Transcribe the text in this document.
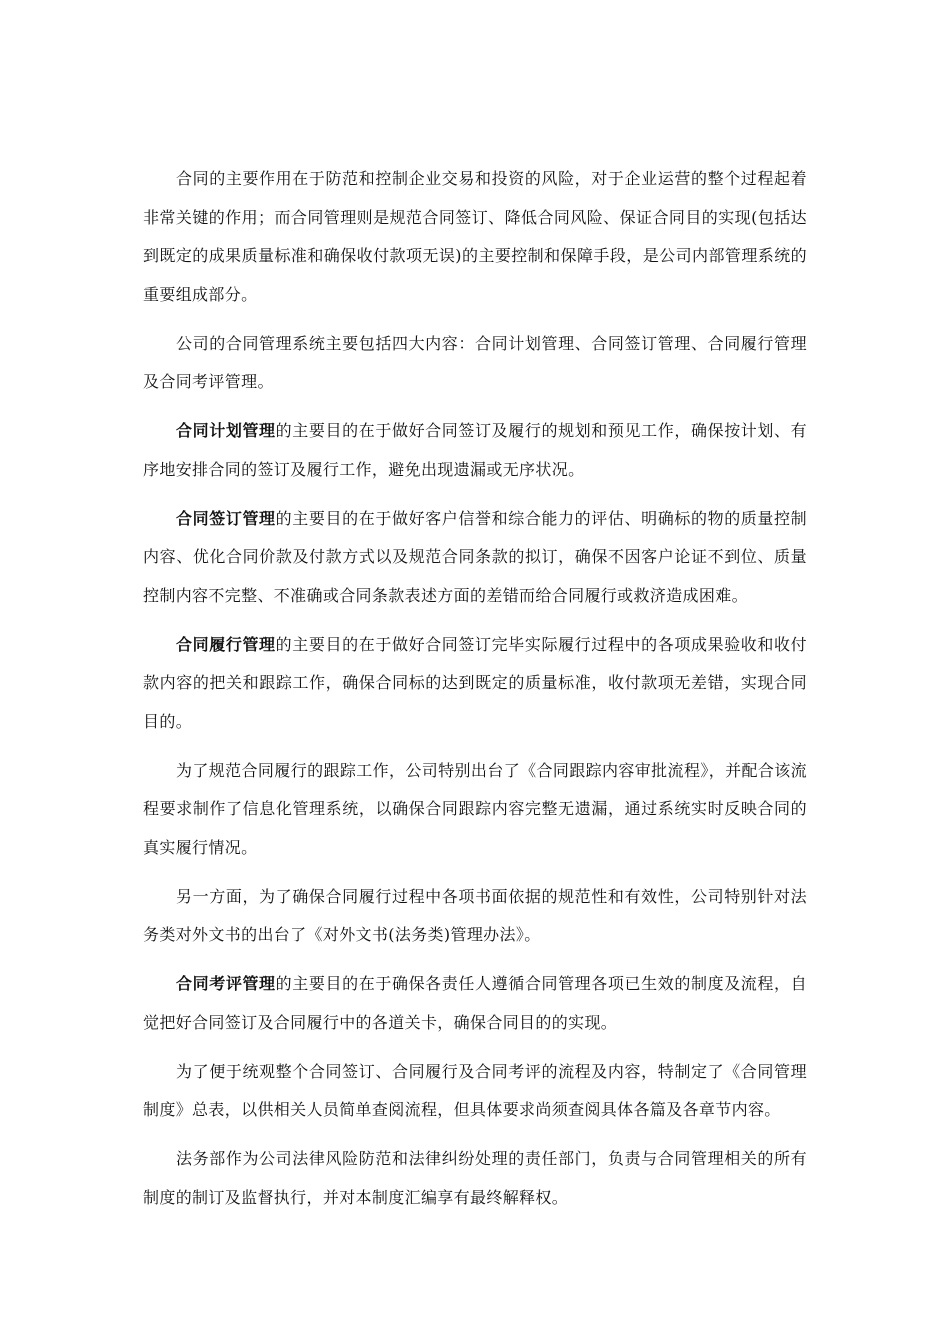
合同的主要作用在于防范和控制企业交易和投资的风险，对于企业运营的整个过程起着非常关键的作用；而合同管理则是规范合同签订、降低合同风险、保证合同目的实现(包括达到既定的成果质量标准和确保收付款项无误)的主要控制和保障手段，是公司内部管理系统的重要组成部分。

公司的合同管理系统主要包括四大内容：合同计划管理、合同签订管理、合同履行管理及合同考评管理。

合同计划管理的主要目的在于做好合同签订及履行的规划和预见工作，确保按计划、有序地安排合同的签订及履行工作，避免出现遗漏或无序状况。

合同签订管理的主要目的在于做好客户信誉和综合能力的评估、明确标的物的质量控制内容、优化合同价款及付款方式以及规范合同条款的拟订，确保不因客户论证不到位、质量控制内容不完整、不准确或合同条款表述方面的差错而给合同履行或救济造成困难。

合同履行管理的主要目的在于做好合同签订完毕实际履行过程中的各项成果验收和收付款内容的把关和跟踪工作，确保合同标的达到既定的质量标准，收付款项无差错，实现合同目的。

为了规范合同履行的跟踪工作，公司特别出台了《合同跟踪内容审批流程》，并配合该流程要求制作了信息化管理系统，以确保合同跟踪内容完整无遗漏，通过系统实时反映合同的真实履行情况。

另一方面，为了确保合同履行过程中各项书面依据的规范性和有效性，公司特别针对法务类对外文书的出台了《对外文书(法务类)管理办法》。

合同考评管理的主要目的在于确保各责任人遵循合同管理各项已生效的制度及流程，自觉把好合同签订及合同履行中的各道关卡，确保合同目的的实现。

为了便于统观整个合同签订、合同履行及合同考评的流程及内容，特制定了《合同管理制度》总表，以供相关人员简单查阅流程，但具体要求尚须查阅具体各篇及各章节内容。

法务部作为公司法律风险防范和法律纠纷处理的责任部门，负责与合同管理相关的所有制度的制订及监督执行，并对本制度汇编享有最终解释权。
